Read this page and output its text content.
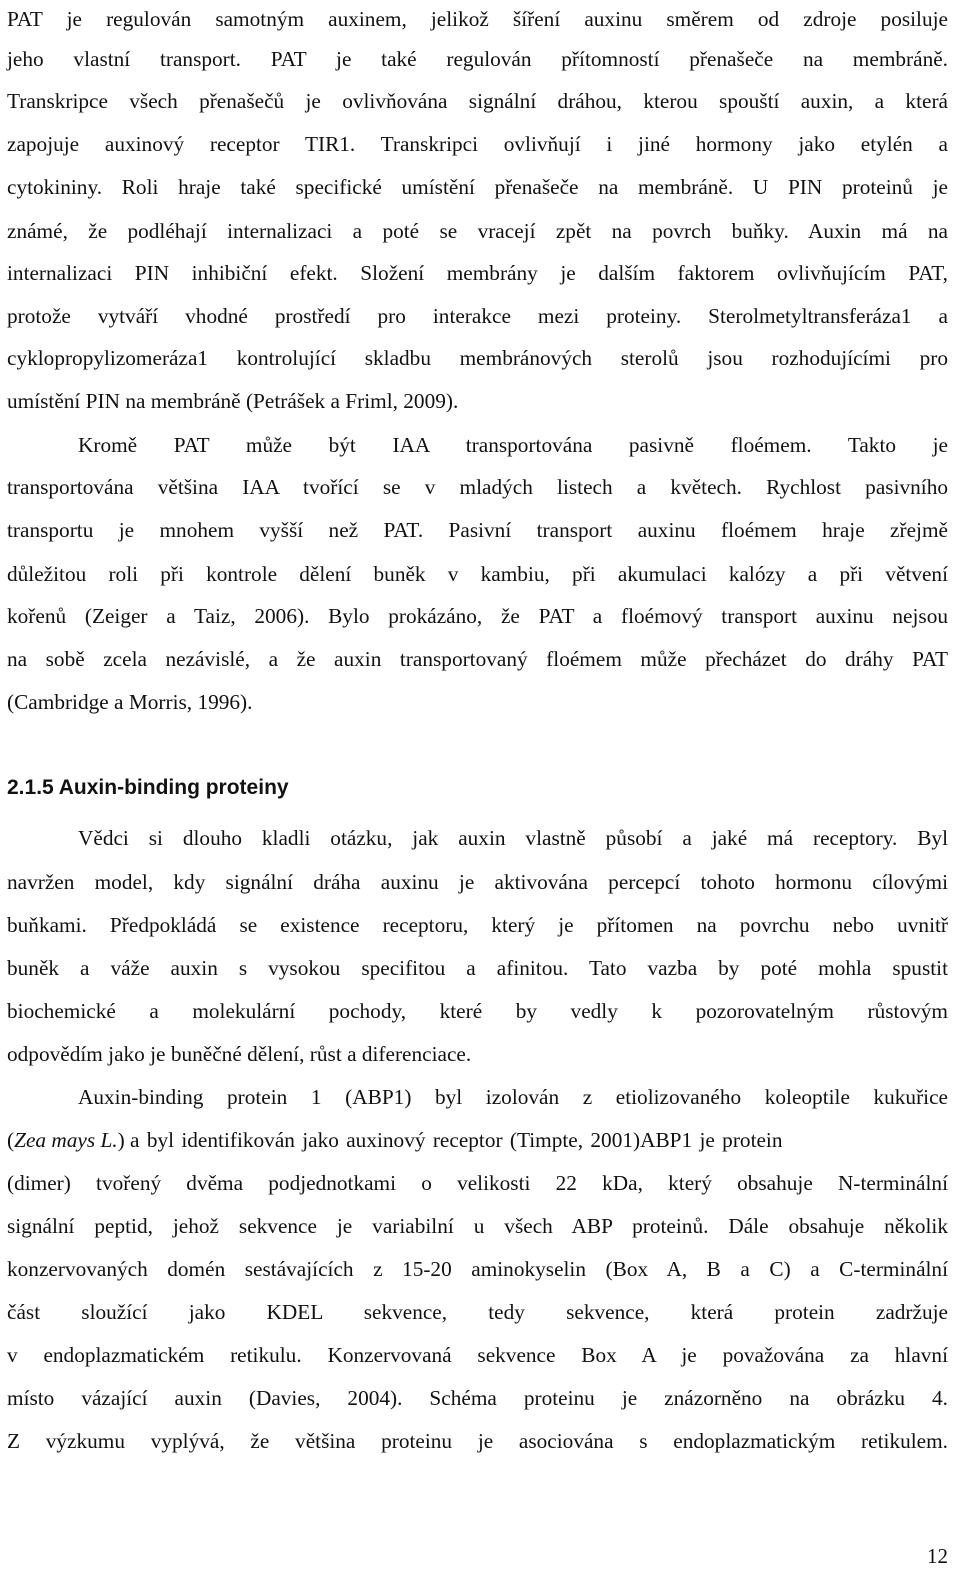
PAT je regulován samotným auxinem, jelikož šíření auxinu směrem od zdroje posiluje
jeho vlastní transport. PAT je také regulován přítomností přenašeče na membráně.
Transkripce všech přenašečů je ovlivňována signální dráhou, kterou spouští auxin, a která
zapojuje auxinový receptor TIR1. Transkripci ovlivňují i jiné hormony jako etylén a
cytokininy. Roli hraje také specifické umístění přenašeče na membráně. U PIN proteinů je
známé, že podléhají internalizaci a poté se vracejí zpět na povrch buňky. Auxin má na
internalizaci PIN inhibiční efekt. Složení membrány je dalším faktorem ovlivňujícím PAT,
protože vytváří vhodné prostředí pro interakce mezi proteiny. Sterolmetyltransferáza1 a
cyklopropylizomeráza1 kontrolující skladbu membránových sterolů jsou rozhodujícími pro
umístění PIN na membráně (Petrášek a Friml, 2009).
Kromě PAT může být IAA transportována pasivně floémem. Takto je
transportována většina IAA tvořící se v mladých listech a květech. Rychlost pasivního
transportu je mnohem vyšší než PAT. Pasivní transport auxinu floémem hraje zřejmě
důležitou roli při kontrole dělení buněk v kambiu, při akumulaci kalózy a při větvení
kořenů (Zeiger a Taiz, 2006). Bylo prokázáno, že PAT a floémový transport auxinu nejsou
na sobě zcela nezávislé, a že auxin transportovaný floémem může přecházet do dráhy PAT
(Cambridge a Morris, 1996).
2.1.5 Auxin-binding proteiny
Vědci si dlouho kladli otázku, jak auxin vlastně působí a jaké má receptory. Byl
navržen model, kdy signální dráha auxinu je aktivována percepcí tohoto hormonu cílovými
buňkami. Předpokládá se existence receptoru, který je přítomen na povrchu nebo uvnitř
buněk a váže auxin s vysokou specifitou a afinitou. Tato vazba by poté mohla spustit
biochemické a molekulární pochody, které by vedly k pozorovatelným růstovým
odpovědím jako je buněčné dělení, růst a diferenciace.
Auxin-binding protein 1 (ABP1) byl izolován z etiolizovaného koleoptile kukuřice
(Zea mays L.) a byl identifikován jako auxinový receptor (Timpte, 2001)ABP1 je protein
(dimer) tvořený dvěma podjednotkami o velikosti 22 kDa, který obsahuje N-terminální
signální peptid, jehož sekvence je variabilní u všech ABP proteinů. Dále obsahuje několik
konzervovaných domén sestávajících z 15-20 aminokyselin (Box A, B a C) a C-terminální
část sloužící jako KDEL sekvence, tedy sekvence, která protein zadržuje
v endoplazmatickém retikulu. Konzervovaná sekvence Box A je považována za hlavní
místo vázající auxin (Davies, 2004). Schéma proteinu je znázorněno na obrázku 4.
Z výzkumu vyplývá, že většina proteinu je asociována s endoplazmatickým retikulem.
12
